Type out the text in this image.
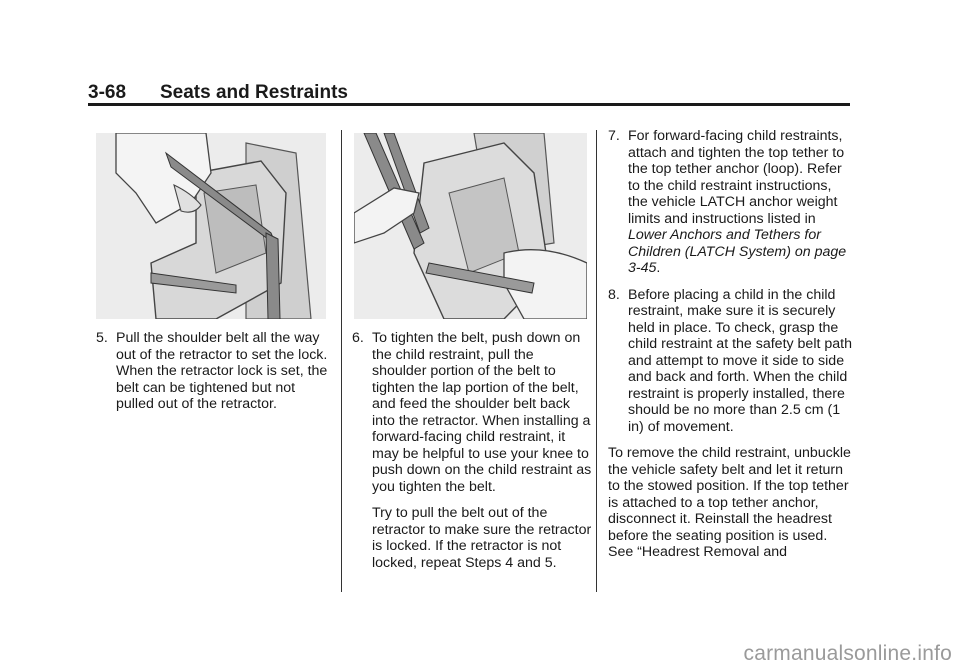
3-68 Seats and Restraints
5. Pull the shoulder belt all the way out of the retractor to set the lock. When the retractor lock is set, the belt can be tightened but not pulled out of the retractor.
6. To tighten the belt, push down on the child restraint, pull the shoulder portion of the belt to tighten the lap portion of the belt, and feed the shoulder belt back into the retractor. When installing a forward-facing child restraint, it may be helpful to use your knee to push down on the child restraint as you tighten the belt.
Try to pull the belt out of the retractor to make sure the retractor is locked. If the retractor is not locked, repeat Steps 4 and 5.
7. For forward-facing child restraints, attach and tighten the top tether to the top tether anchor (loop). Refer to the child restraint instructions, the vehicle LATCH anchor weight limits and instructions listed in Lower Anchors and Tethers for Children (LATCH System) on page 3-45.
8. Before placing a child in the child restraint, make sure it is securely held in place. To check, grasp the child restraint at the safety belt path and attempt to move it side to side and back and forth. When the child restraint is properly installed, there should be no more than 2.5 cm (1 in) of movement.
To remove the child restraint, unbuckle the vehicle safety belt and let it return to the stowed position. If the top tether is attached to a top tether anchor, disconnect it. Reinstall the headrest before the seating position is used. See “Headrest Removal and
carmanualsonline.info
